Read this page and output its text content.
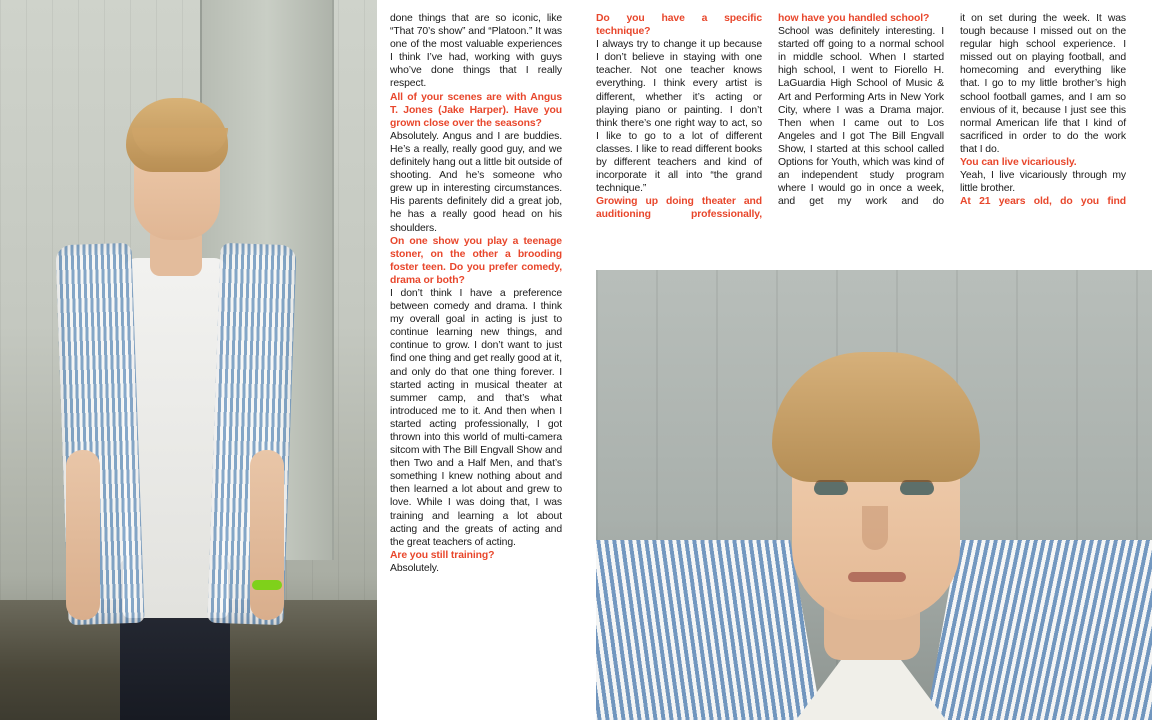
done things that are so iconic, like “That 70’s show” and “Platoon.” It was one of the most valuable experiences I think I’ve had, working with guys who’ve done things that I really respect.

All of your scenes are with Angus T. Jones (Jake Harper). Have you grown close over the seasons?

Absolutely. Angus and I are buddies. He’s a really, really good guy, and we definitely hang out a little bit outside of shooting. And he’s someone who grew up in interesting circumstances. His parents definitely did a great job, he has a really good head on his shoulders.

On one show you play a teenage stoner, on the other a brooding foster teen. Do you prefer comedy, drama or both?

I don’t think I have a preference between comedy and drama. I think my overall goal in acting is just to continue learning new things, and continue to grow. I don’t want to just find one thing and get really good at it, and only do that one thing forever. I started acting in musical theater at summer camp, and that’s what introduced me to it. And then when I started acting professionally, I got thrown into this world of multi-camera sitcom with The Bill Engvall Show and then Two and a Half Men, and that’s something I knew nothing about and then learned a lot about and grew to love. While I was doing that, I was training and learning a lot about acting and the greats of acting and the great teachers of acting.

Are you still training?

Absolutely.

Do you have a specific technique?

I always try to change it up because I don’t believe in staying with one teacher. Not one teacher knows everything. I think every artist is different, whether it’s acting or playing piano or painting. I don’t think there’s one right way to act, so I like to go to a lot of different classes. I like to read different books by different teachers and kind of incorporate it all into “the grand technique.”

Growing up doing theater and auditioning professionally,

how have you handled school?

School was definitely interesting. I started off going to a normal school in middle school. When I started high school, I went to Fiorello H. LaGuardia High School of Music & Art and Performing Arts in New York City, where I was a Drama major. Then when I came out to Los Angeles and I got The Bill Engvall Show, I started at this school called Options for Youth, which was kind of an independent study program where I would go in once a week, and get my work and do

it on set during the week. It was tough because I missed out on the regular high school experience. I missed out on playing football, and homecoming and everything like that. I go to my little brother’s high school football games, and I am so envious of it, because I just see this normal American life that I kind of sacrificed in order to do the work that I do.

You can live vicariously.

Yeah, I live vicariously through my little brother.

At 21 years old, do you find
